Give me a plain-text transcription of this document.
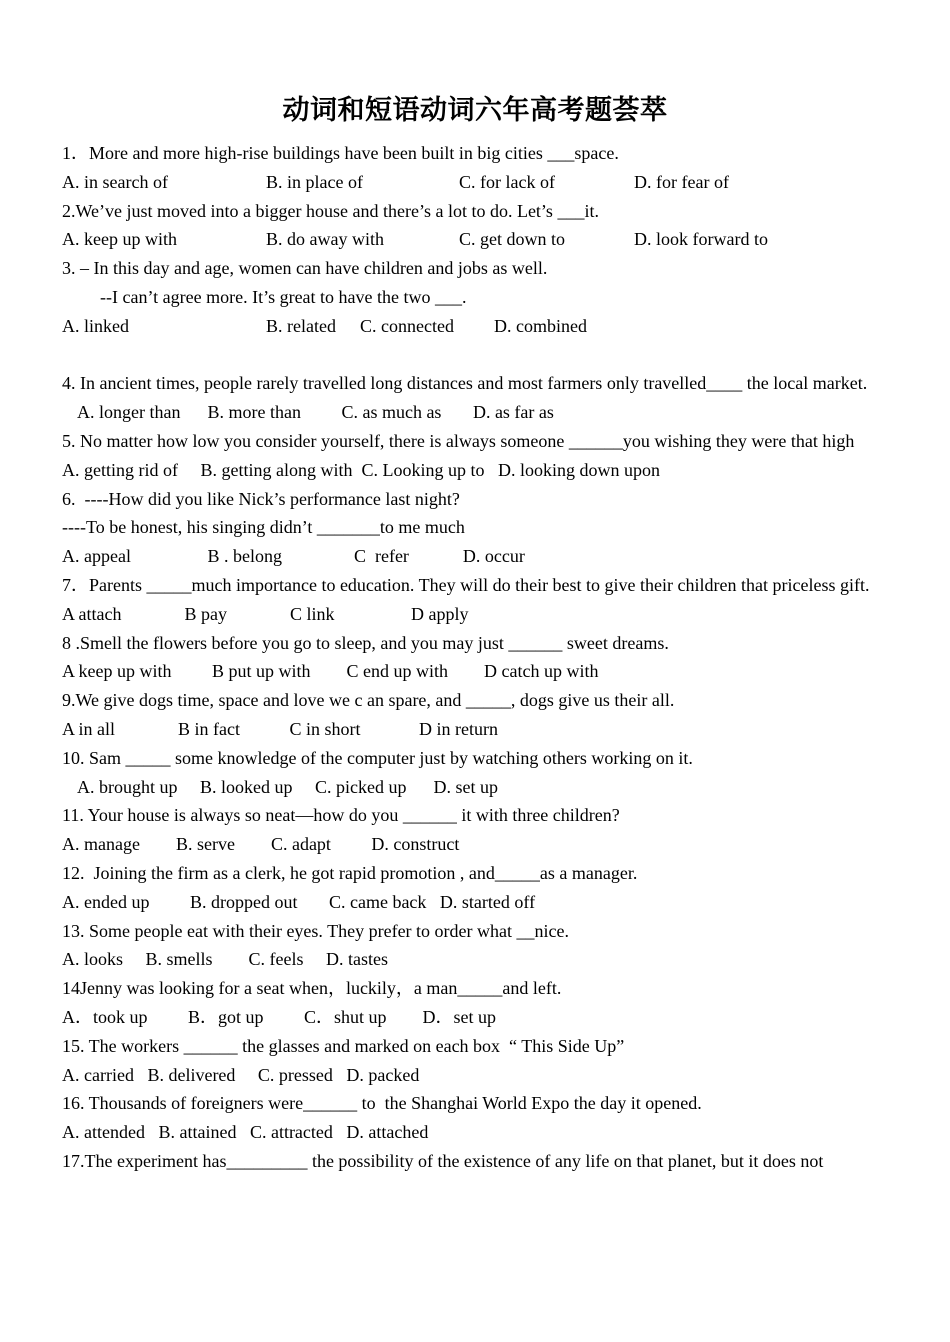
动词和短语动词六年高考题荟萃
1．More and more high-rise buildings have been built in big cities ___space.
A. in search of	B. in place of	C. for lack of	D. for fear of
2.We’ve just moved into a bigger house and there’s a lot to do. Let’s ___it.
A. keep up with	B. do away with	C. get down to	D. look forward to
3. – In this day and age, women can have children and jobs as well.
--I can’t agree more. It’s great to have the two ___.
A. linked	B. related C. connected D. combined
4. In ancient times, people rarely travelled long distances and most farmers only travelled____ the local market.
A. longer than      B. more than         C. as much as       D. as far as
5. No matter how low you consider yourself, there is always someone ______you wishing they were that high
A. getting rid of     B. getting along with  C. Looking up to   D. looking down upon
6.  ----How did you like Nick’s performance last night?
----To be honest, his singing didn’t _______to me much
A. appeal                 B . belong                C  refer            D. occur
7．Parents _____much importance to education. They will do their best to give their children that priceless gift.
A attach              B pay              C link                 D apply
8 .Smell the flowers before you go to sleep, and you may just ______ sweet dreams.
A keep up with         B put up with        C end up with        D catch up with
9.We give dogs time, space and love we c an spare, and _____, dogs give us their all.
A in all              B in fact           C in short             D in return
10. Sam _____ some knowledge of the computer just by watching others working on it.
A. brought up     B. looked up     C. picked up      D. set up
11. Your house is always so neat—how do you ______ it with three children?
A. manage        B. serve        C. adapt         D. construct
12.  Joining the firm as a clerk, he got rapid promotion , and_____as a manager.
A. ended up         B. dropped out       C. came back   D. started off
13. Some people eat with their eyes. They prefer to order what __nice.
A. looks     B. smells        C. feels     D. tastes
14Jenny was looking for a seat when，luckily，a man_____and left.
A．took up         B．got up         C．shut up        D．set up
15. The workers ______ the glasses and marked on each box  “ This Side Up”
A. carried   B. delivered     C. pressed   D. packed
16. Thousands of foreigners were______ to  the Shanghai World Expo the day it opened.
A. attended   B. attained   C. attracted   D. attached
17.The experiment has_________ the possibility of the existence of any life on that planet, but it does not
